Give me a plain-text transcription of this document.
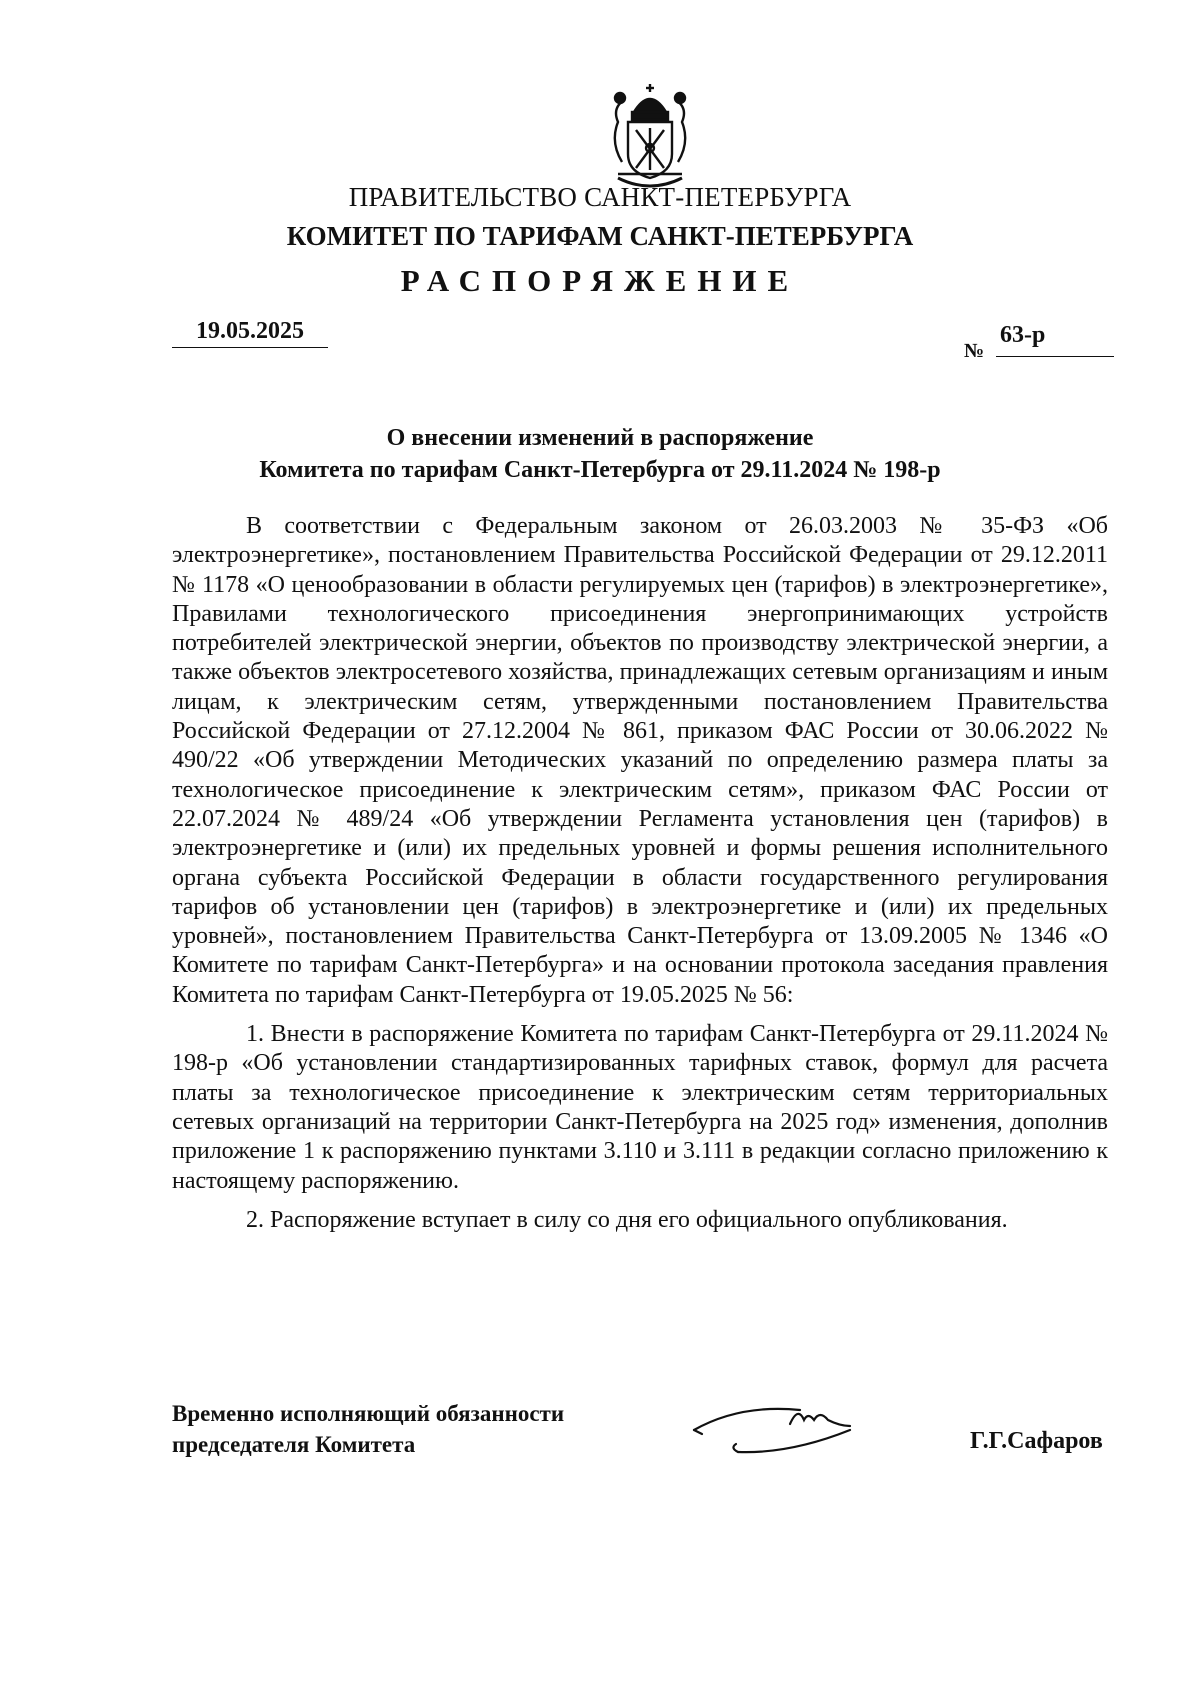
ПРАВИТЕЛЬСТВО САНКТ-ПЕТЕРБУРГА
КОМИТЕТ ПО ТАРИФАМ САНКТ-ПЕТЕРБУРГА
РАСПОРЯЖЕНИЕ
19.05.2025
№
63-р
О внесении изменений в распоряжение
Комитета по тарифам Санкт-Петербурга от 29.11.2024 № 198-р

В соответствии с Федеральным законом от 26.03.2003 № 35-ФЗ «Об электроэнергетике», постановлением Правительства Российской Федерации от 29.12.2011 № 1178 «О ценообразовании в области регулируемых цен (тарифов) в электроэнергетике», Правилами технологического присоединения энергопринимающих устройств потребителей электрической энергии, объектов по производству электрической энергии, а также объектов электросетевого хозяйства, принадлежащих сетевым организациям и иным лицам, к электрическим сетям, утвержденными постановлением Правительства Российской Федерации от 27.12.2004 № 861, приказом ФАС России от 30.06.2022 № 490/22 «Об утверждении Методических указаний по определению размера платы за технологическое присоединение к электрическим сетям», приказом ФАС России от 22.07.2024 № 489/24 «Об утверждении Регламента установления цен (тарифов) в электроэнергетике и (или) их предельных уровней и формы решения исполнительного органа субъекта Российской Федерации в области государственного регулирования тарифов об установлении цен (тарифов) в электроэнергетике и (или) их предельных уровней», постановлением Правительства Санкт-Петербурга от 13.09.2005 № 1346 «О Комитете по тарифам Санкт-Петербурга» и на основании протокола заседания правления Комитета по тарифам Санкт-Петербурга от 19.05.2025 № 56:

1. Внести в распоряжение Комитета по тарифам Санкт-Петербурга от 29.11.2024 № 198-р «Об установлении стандартизированных тарифных ставок, формул для расчета платы за технологическое присоединение к электрическим сетям территориальных сетевых организаций на территории Санкт-Петербурга на 2025 год» изменения, дополнив приложение 1 к распоряжению пунктами 3.110 и 3.111 в редакции согласно приложению к настоящему распоряжению.

2. Распоряжение вступает в силу со дня его официального опубликования.

Временно исполняющий обязанности
председателя Комитета	Г.Г.Сафаров
